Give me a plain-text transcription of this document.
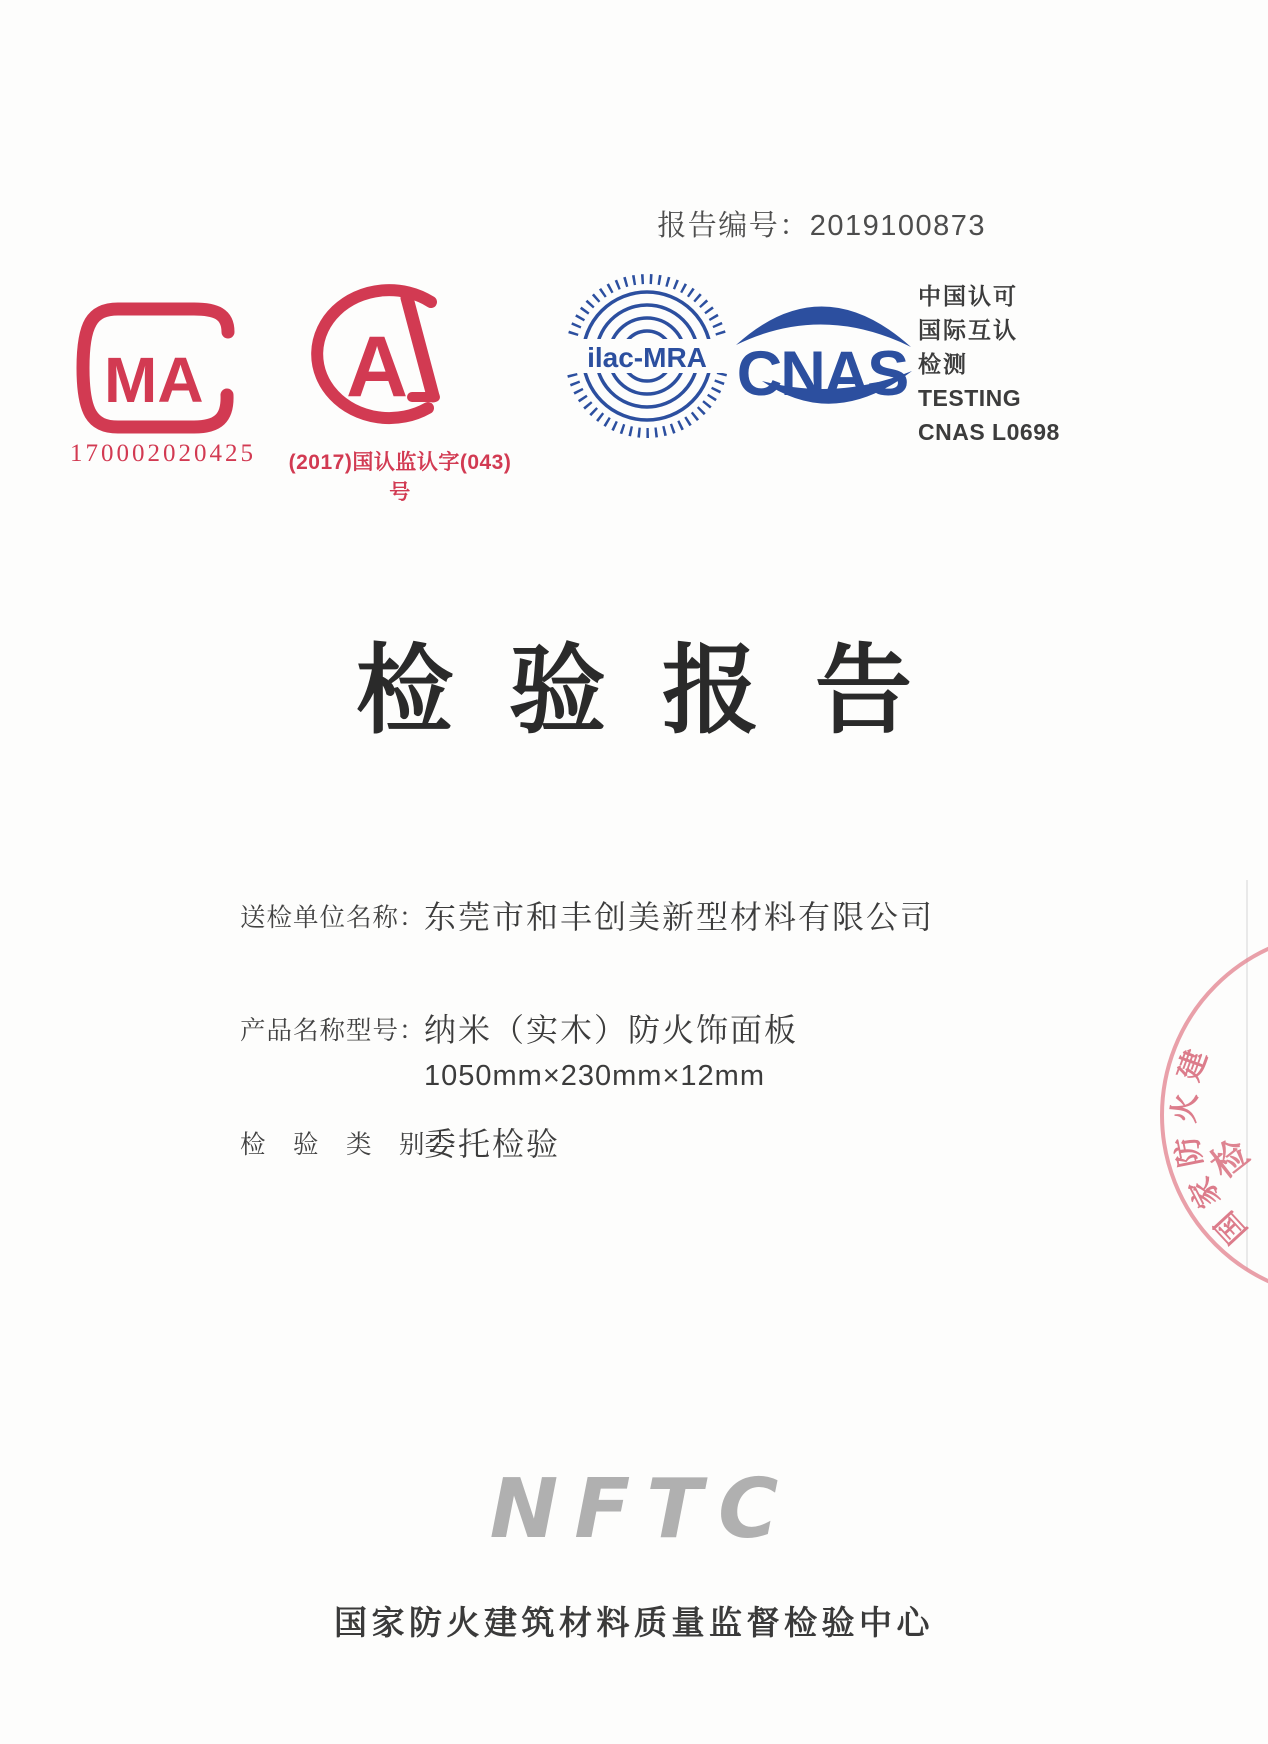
报告编号：2019100873
MA
170002020425
A
(2017)国认监认字(043)号
ilac-MRA CNAS
中国认可
国际互认
检测
TESTING
CNAS L0698
检验报告
送检单位名称：
东莞市和丰创美新型材料有限公司
产品名称型号：
纳米（实木）防火饰面板
1050mm×230mm×12mm
检　验　类　别：
委托检验
国家防火建
检
NFTC
国家防火建筑材料质量监督检验中心
